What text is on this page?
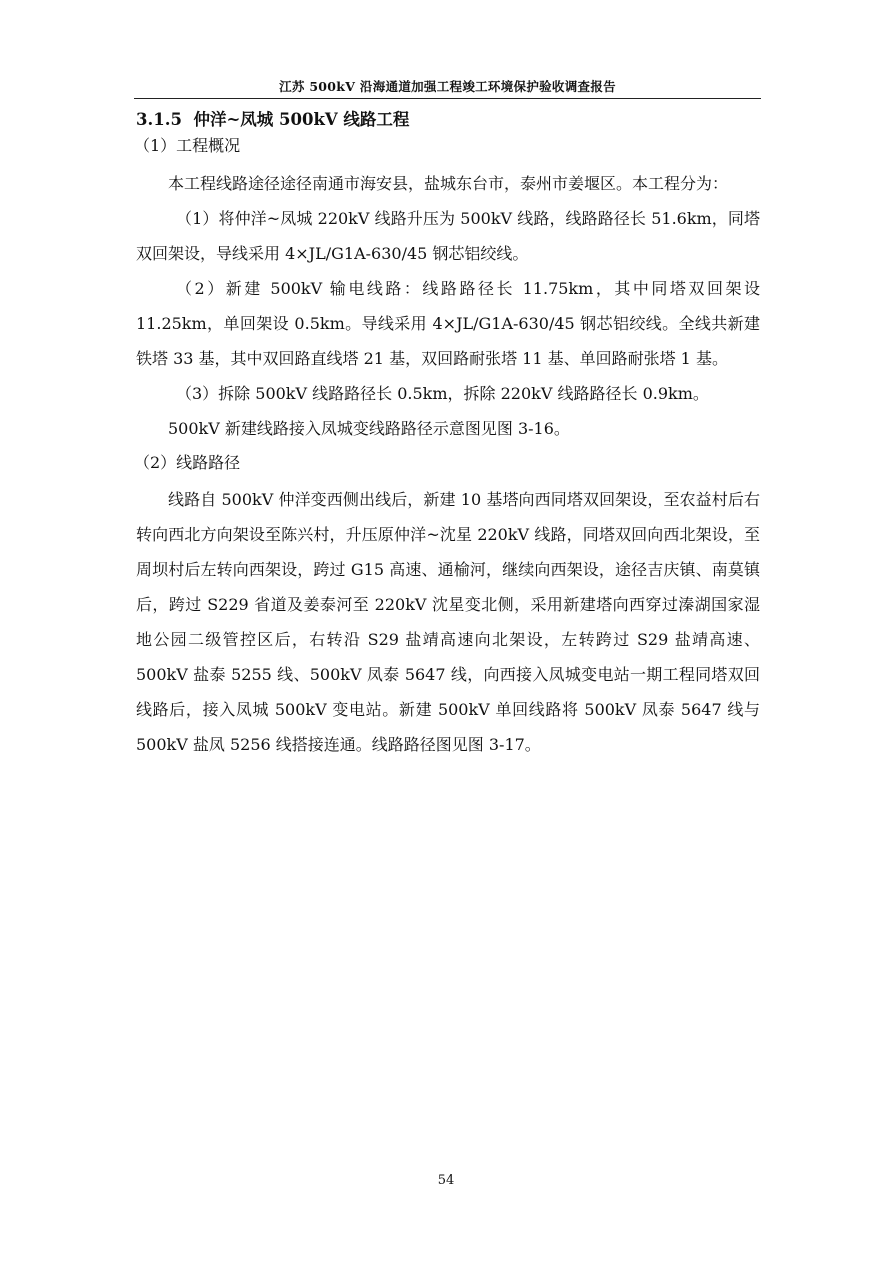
江苏 500kV 沿海通道加强工程竣工环境保护验收调查报告
3.1.5 仲洋~凤城 500kV 线路工程
（1）工程概况

本工程线路途径途径南通市海安县，盐城东台市，泰州市姜堰区。本工程分为：

（1）将仲洋~凤城 220kV 线路升压为 500kV 线路，线路路径长 51.6km，同塔双回架设，导线采用 4×JL/G1A-630/45 钢芯铝绞线。

（2）新建 500kV 输电线路：线路路径长 11.75km，其中同塔双回架设 11.25km，单回架设 0.5km。导线采用 4×JL/G1A-630/45 钢芯铝绞线。全线共新建铁塔 33 基，其中双回路直线塔 21 基，双回路耐张塔 11 基、单回路耐张塔 1 基。

（3）拆除 500kV 线路路径长 0.5km，拆除 220kV 线路路径长 0.9km。

500kV 新建线路接入凤城变线路路径示意图见图 3-16。

（2）线路路径

线路自 500kV 仲洋变西侧出线后，新建 10 基塔向西同塔双回架设，至农益村后右转向西北方向架设至陈兴村，升压原仲洋~沈星 220kV 线路，同塔双回向西北架设，至周坝村后左转向西架设，跨过 G15 高速、通榆河，继续向西架设，途径吉庆镇、南莫镇后，跨过 S229 省道及姜泰河至 220kV 沈星变北侧，采用新建塔向西穿过溱湖国家湿地公园二级管控区后，右转沿 S29 盐靖高速向北架设，左转跨过 S29 盐靖高速、500kV 盐泰 5255 线、500kV 凤泰 5647 线，向西接入凤城变电站一期工程同塔双回线路后，接入凤城 500kV 变电站。新建 500kV 单回线路将 500kV 凤泰 5647 线与 500kV 盐凤 5256 线搭接连通。线路路径图见图 3-17。

54
